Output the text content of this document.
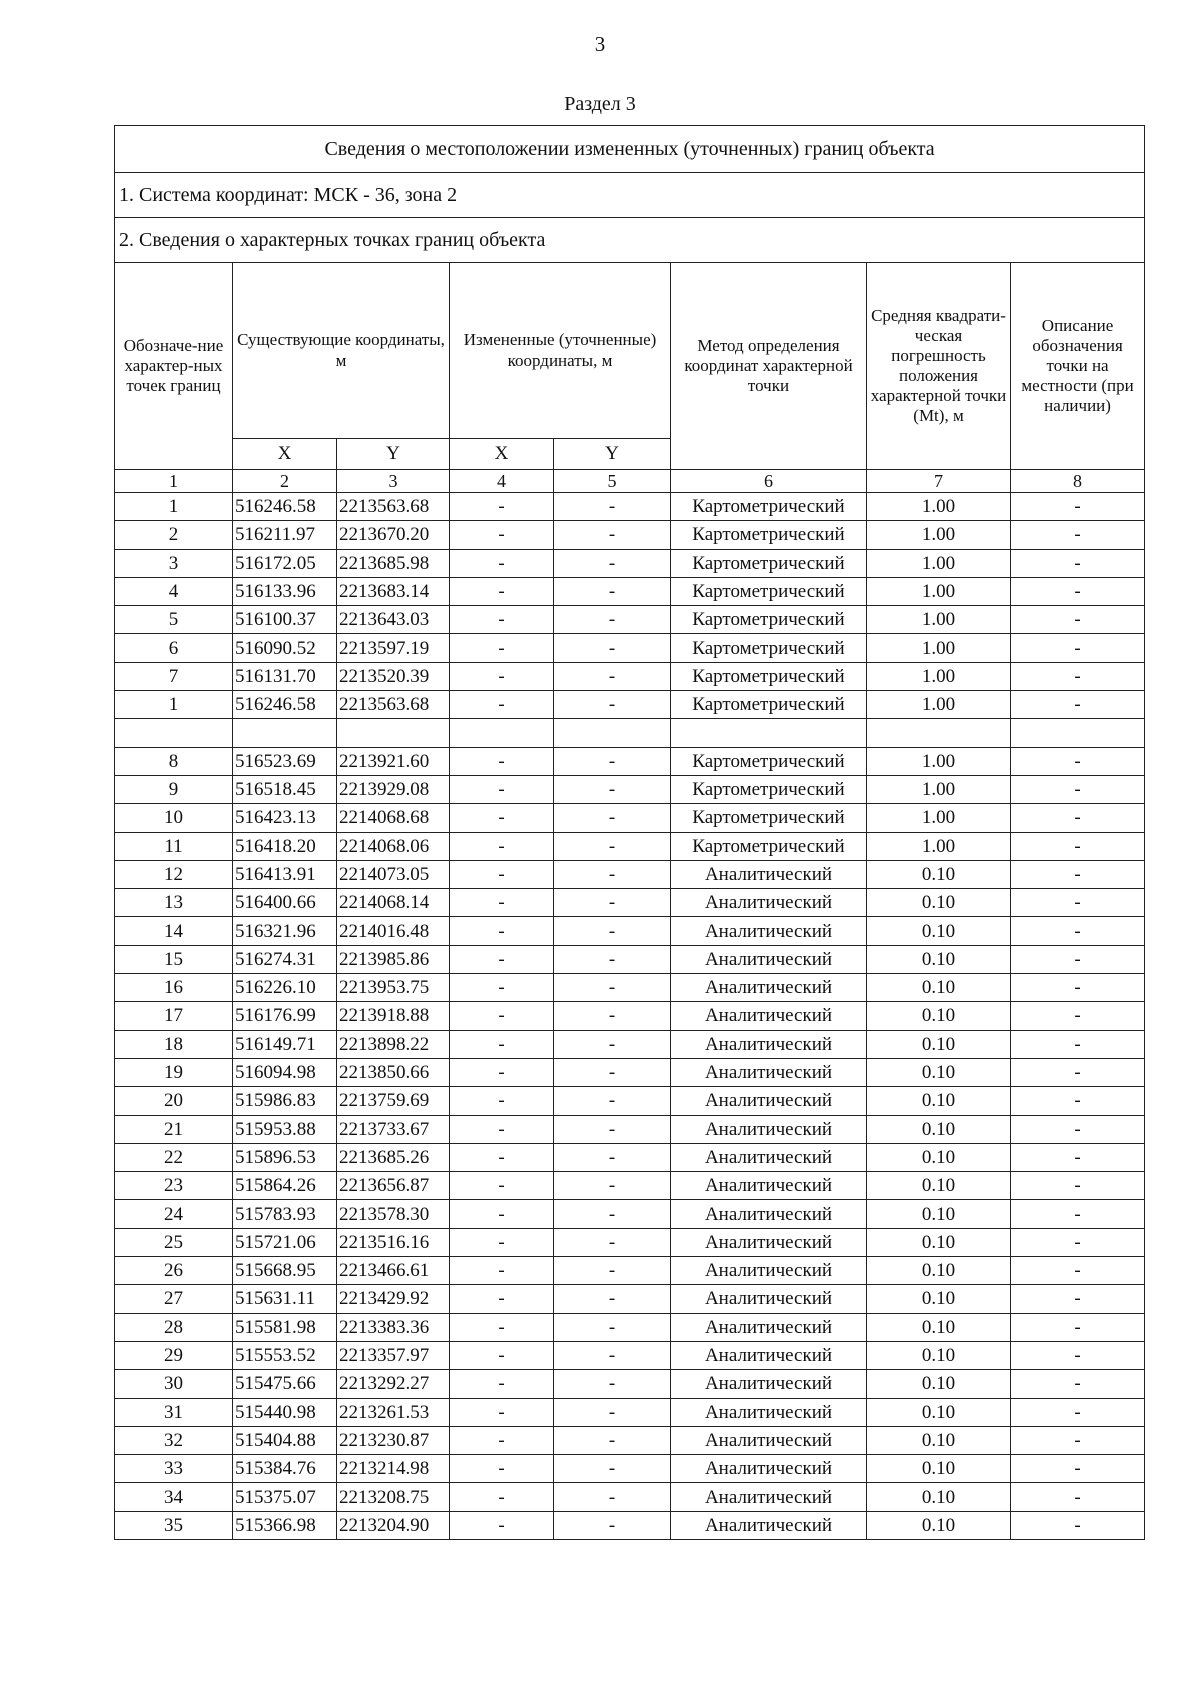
3
Раздел 3
Сведения о местоположении измененных (уточненных) границ объекта							
1. Система координат: МСК - 36, зона 2							
2. Сведения о характерных точках границ объекта							
Обозначе-ние характер-ных точек границ	Существующие координаты, м		Измененные (уточненные) координаты, м		Метод определения координат характерной точки	Средняя квадрати-ческая погрешность положения характерной точки (Mt), м	Описание обозначения точки на местности (при наличии)
	X	Y	X	Y			
1	2	3	4	5	6	7	8
1	516246.58	2213563.68	-	-	Картометрический	1.00	-
2	516211.97	2213670.20	-	-	Картометрический	1.00	-
3	516172.05	2213685.98	-	-	Картометрический	1.00	-
4	516133.96	2213683.14	-	-	Картометрический	1.00	-
5	516100.37	2213643.03	-	-	Картометрический	1.00	-
6	516090.52	2213597.19	-	-	Картометрический	1.00	-
7	516131.70	2213520.39	-	-	Картометрический	1.00	-
1	516246.58	2213563.68	-	-	Картометрический	1.00	-

8	516523.69	2213921.60	-	-	Картометрический	1.00	-
9	516518.45	2213929.08	-	-	Картометрический	1.00	-
10	516423.13	2214068.68	-	-	Картометрический	1.00	-
11	516418.20	2214068.06	-	-	Картометрический	1.00	-
12	516413.91	2214073.05	-	-	Аналитический	0.10	-
13	516400.66	2214068.14	-	-	Аналитический	0.10	-
14	516321.96	2214016.48	-	-	Аналитический	0.10	-
15	516274.31	2213985.86	-	-	Аналитический	0.10	-
16	516226.10	2213953.75	-	-	Аналитический	0.10	-
17	516176.99	2213918.88	-	-	Аналитический	0.10	-
18	516149.71	2213898.22	-	-	Аналитический	0.10	-
19	516094.98	2213850.66	-	-	Аналитический	0.10	-
20	515986.83	2213759.69	-	-	Аналитический	0.10	-
21	515953.88	2213733.67	-	-	Аналитический	0.10	-
22	515896.53	2213685.26	-	-	Аналитический	0.10	-
23	515864.26	2213656.87	-	-	Аналитический	0.10	-
24	515783.93	2213578.30	-	-	Аналитический	0.10	-
25	515721.06	2213516.16	-	-	Аналитический	0.10	-
26	515668.95	2213466.61	-	-	Аналитический	0.10	-
27	515631.11	2213429.92	-	-	Аналитический	0.10	-
28	515581.98	2213383.36	-	-	Аналитический	0.10	-
29	515553.52	2213357.97	-	-	Аналитический	0.10	-
30	515475.66	2213292.27	-	-	Аналитический	0.10	-
31	515440.98	2213261.53	-	-	Аналитический	0.10	-
32	515404.88	2213230.87	-	-	Аналитический	0.10	-
33	515384.76	2213214.98	-	-	Аналитический	0.10	-
34	515375.07	2213208.75	-	-	Аналитический	0.10	-
35	515366.98	2213204.90	-	-	Аналитический	0.10	-
